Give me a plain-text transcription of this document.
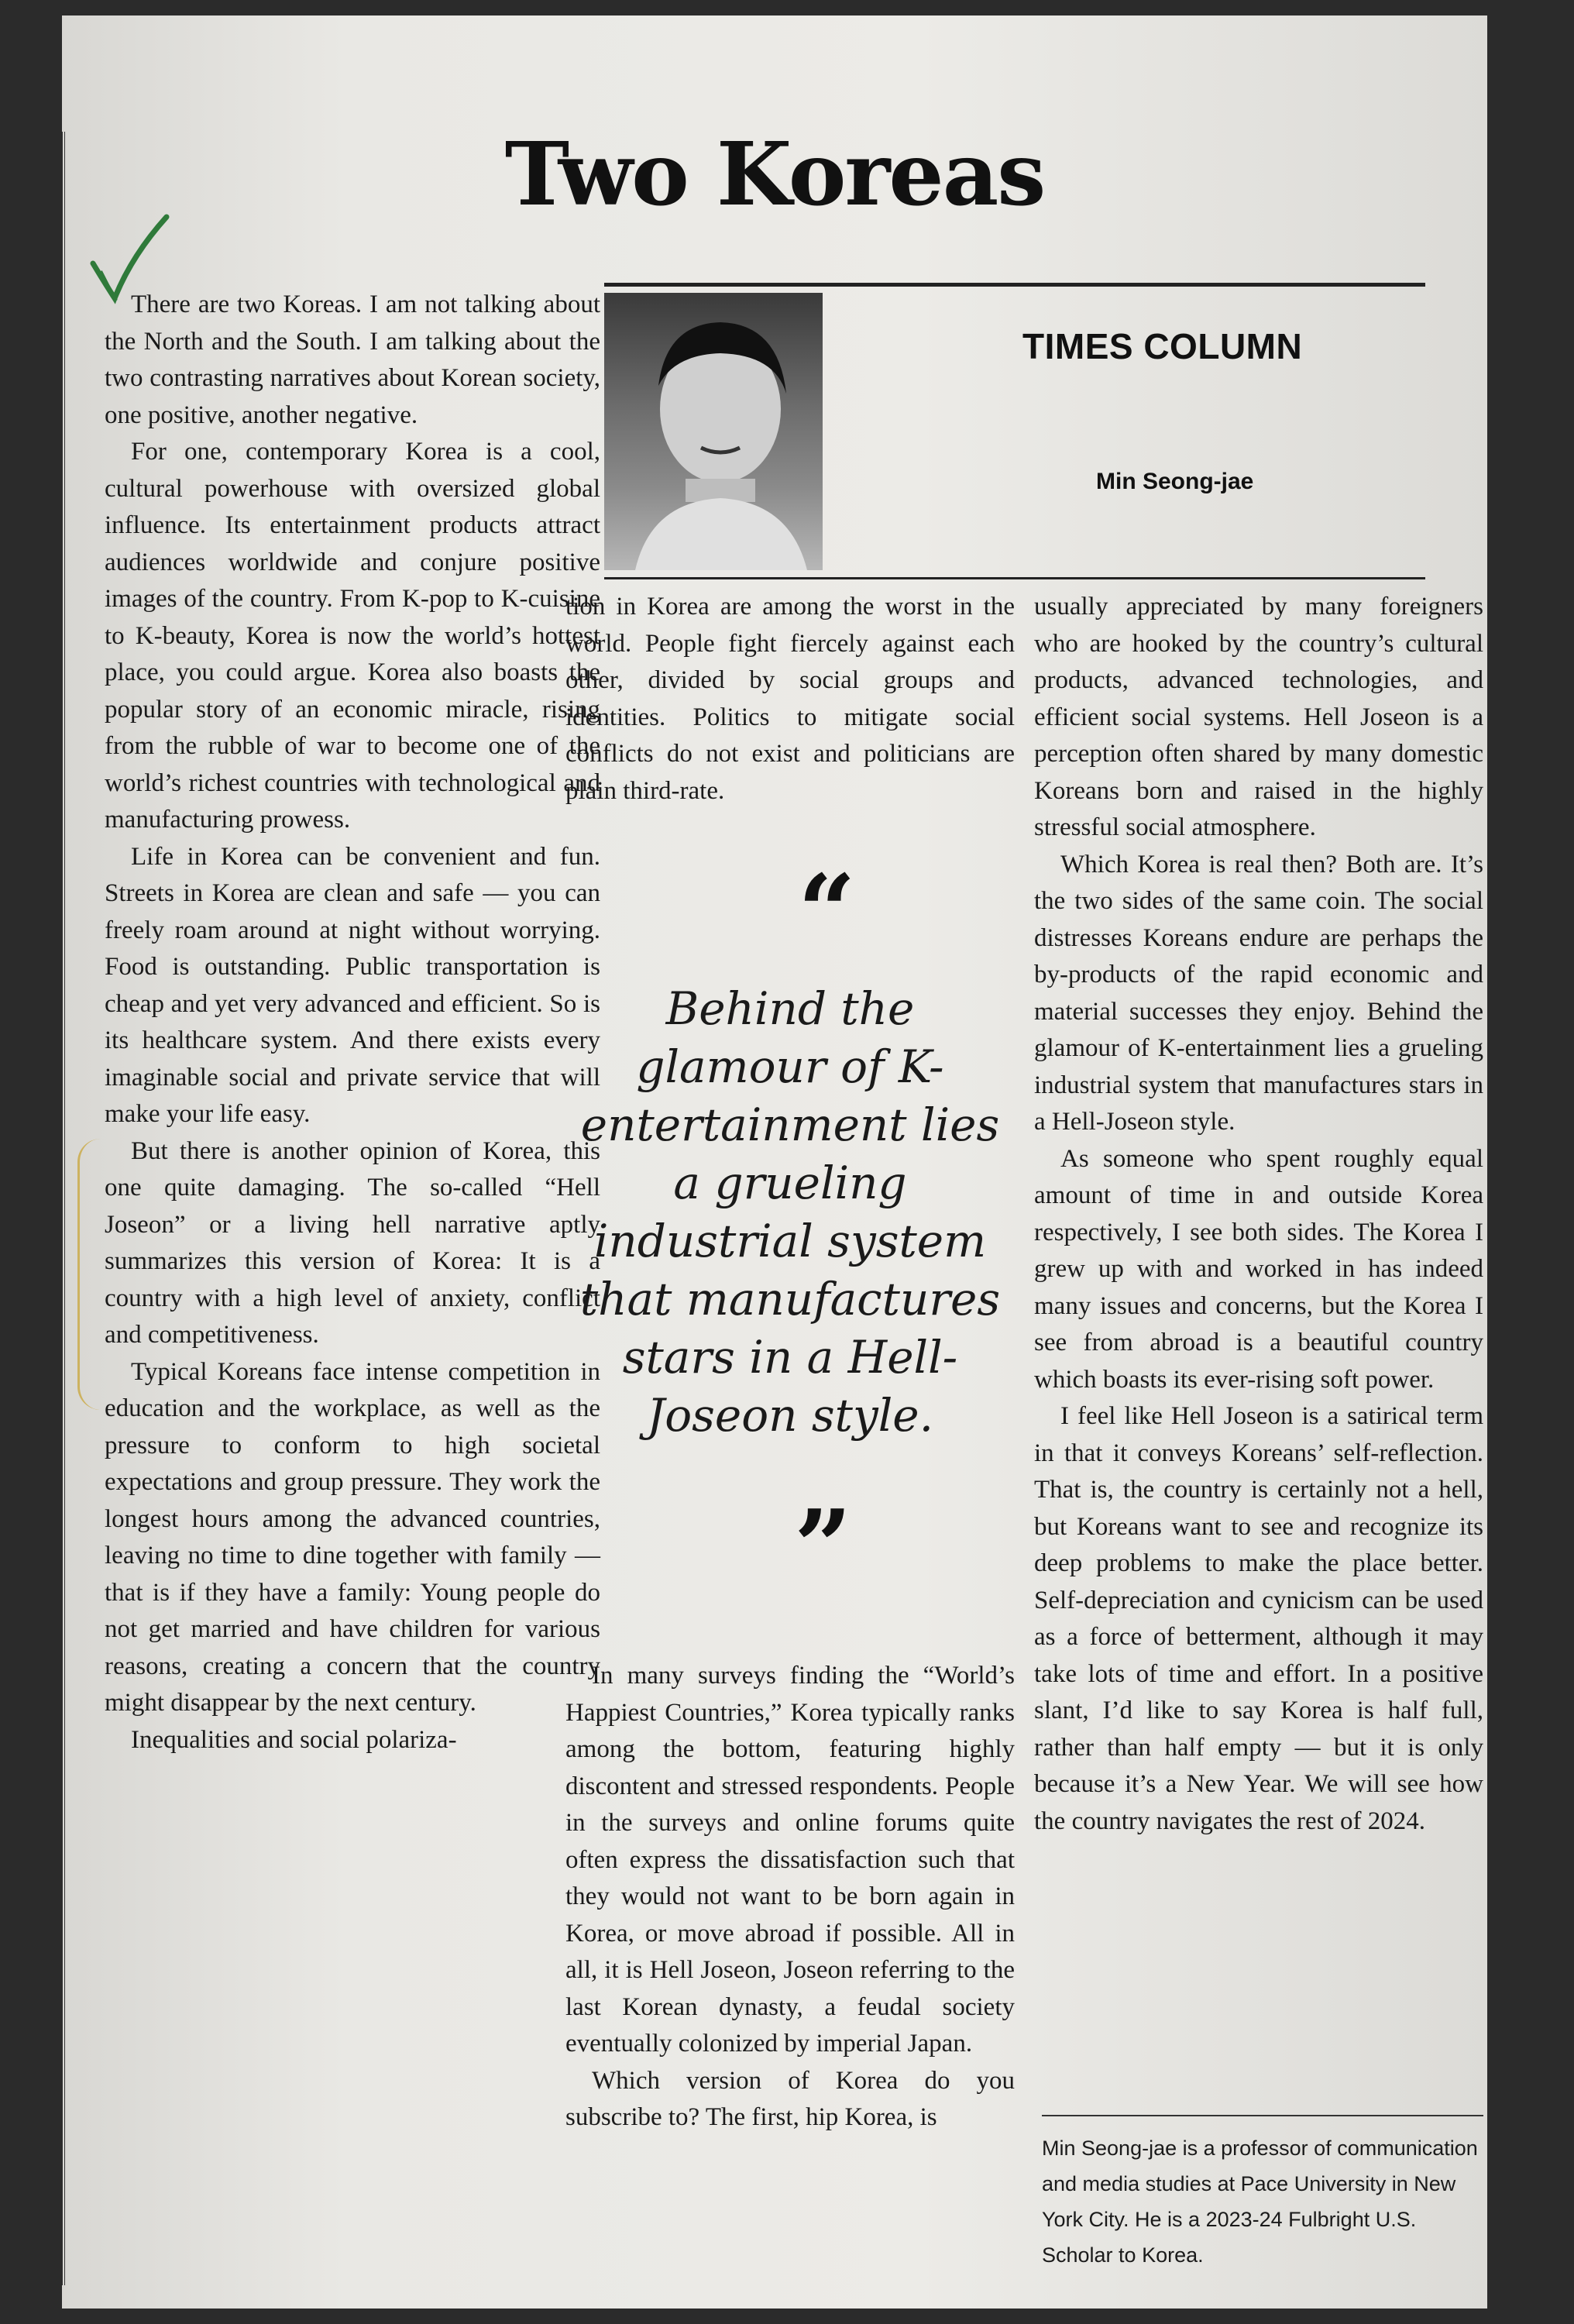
Two Koreas

There are two Koreas. I am not talking about the North and the South. I am talking about the two contrasting narratives about Korean society, one positive, another negative.

For one, contemporary Korea is a cool, cultural powerhouse with oversized global influence. Its entertainment products attract audiences worldwide and conjure positive images of the country. From K-pop to K-cuisine to K-beauty, Korea is now the world’s hottest place, you could argue. Korea also boasts the popular story of an economic miracle, rising from the rubble of war to become one of the world’s richest countries with technological and manufacturing prowess.

Life in Korea can be convenient and fun. Streets in Korea are clean and safe — you can freely roam around at night without worrying. Food is outstanding. Public transportation is cheap and yet very advanced and efficient. So is its healthcare system. And there exists every imaginable social and private service that will make your life easy.

But there is another opinion of Korea, this one quite damaging. The so-called “Hell Joseon” or a living hell narrative aptly summarizes this version of Korea: It is a country with a high level of anxiety, conflict and competitiveness.

Typical Koreans face intense competition in education and the workplace, as well as the pressure to conform to high societal expectations and group pressure. They work the longest hours among the advanced countries, leaving no time to dine together with family — that is if they have a family: Young people do not get married and have children for various reasons, creating a concern that the country might disappear by the next century.

Inequalities and social polariza-

TIMES COLUMN
Min Seong-jae

tion in Korea are among the worst in the world. People fight fiercely against each other, divided by social groups and identities. Politics to mitigate social conflicts do not exist and politicians are plain third-rate.

“
Behind the glamour of K-entertainment lies a grueling industrial system that manufactures stars in a Hell-Joseon style.
”

In many surveys finding the “World’s Happiest Countries,” Korea typically ranks among the bottom, featuring highly discontent and stressed respondents. People in the surveys and online forums quite often express the dissatisfaction such that they would not want to be born again in Korea, or move abroad if possible. All in all, it is Hell Joseon, Joseon referring to the last Korean dynasty, a feudal society eventually colonized by imperial Japan.

Which version of Korea do you subscribe to? The first, hip Korea, is

usually appreciated by many foreigners who are hooked by the country’s cultural products, advanced technologies, and efficient social systems. Hell Joseon is a perception often shared by many domestic Koreans born and raised in the highly stressful social atmosphere.

Which Korea is real then? Both are. It’s the two sides of the same coin. The social distresses Koreans endure are perhaps the by-products of the rapid economic and material successes they enjoy. Behind the glamour of K-entertainment lies a grueling industrial system that manufactures stars in a Hell-Joseon style.

As someone who spent roughly equal amount of time in and outside Korea respectively, I see both sides. The Korea I grew up with and worked in has indeed many issues and concerns, but the Korea I see from abroad is a beautiful country which boasts its ever-rising soft power.

I feel like Hell Joseon is a satirical term in that it conveys Koreans’ self-reflection. That is, the country is certainly not a hell, but Koreans want to see and recognize its deep problems to make the place better. Self-depreciation and cynicism can be used as a force of betterment, although it may take lots of time and effort. In a positive slant, I’d like to say Korea is half full, rather than half empty — but it is only because it’s a New Year. We will see how the country navigates the rest of 2024.

Min Seong-jae is a professor of communication and media studies at Pace University in New York City. He is a 2023-24 Fulbright U.S. Scholar to Korea.
